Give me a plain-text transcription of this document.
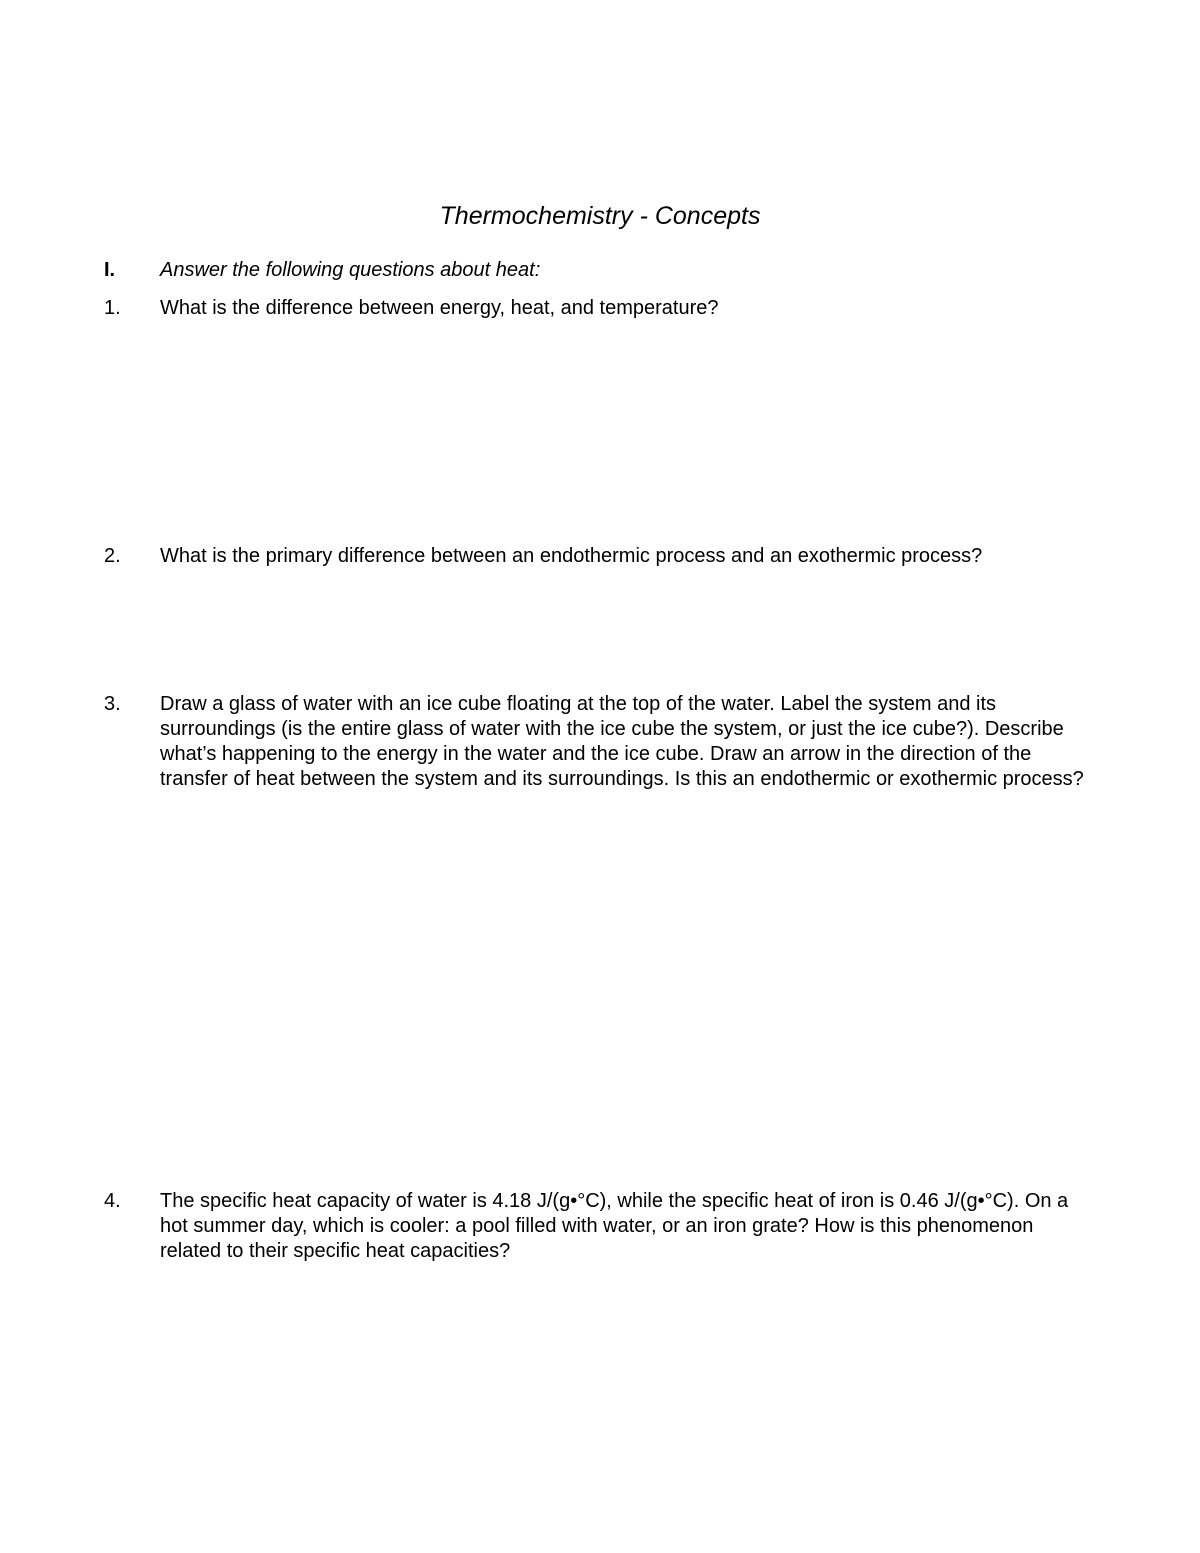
Thermochemistry - Concepts
I.	Answer the following questions about heat:
1.	What is the difference between energy, heat, and temperature?
2.	What is the primary difference between an endothermic process and an exothermic process?
3.	Draw a glass of water with an ice cube floating at the top of the water. Label the system and its surroundings (is the entire glass of water with the ice cube the system, or just the ice cube?). Describe what’s happening to the energy in the water and the ice cube. Draw an arrow in the direction of the transfer of heat between the system and its surroundings. Is this an endothermic or exothermic process?
4.	The specific heat capacity of water is 4.18 J/(g•°C), while the specific heat of iron is 0.46 J/(g•°C). On a hot summer day, which is cooler: a pool filled with water, or an iron grate? How is this phenomenon related to their specific heat capacities?
